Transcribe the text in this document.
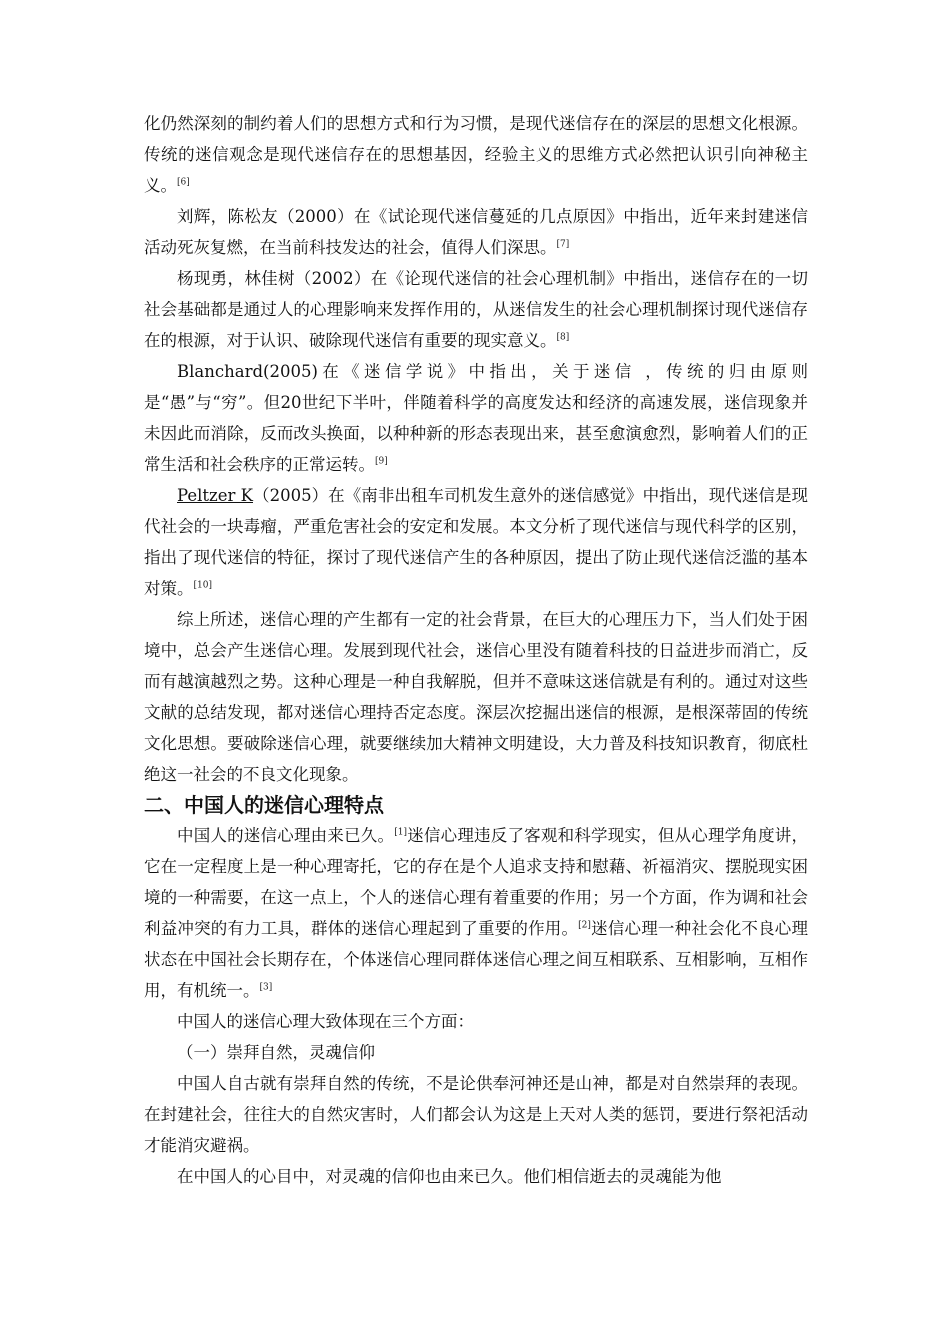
化仍然深刻的制约着人们的思想方式和行为习惯，是现代迷信存在的深层的思想文化根源。传统的迷信观念是现代迷信存在的思想基因，经验主义的思维方式必然把认识引向神秘主义。[6]

刘辉，陈松友（2000）在《试论现代迷信蔓延的几点原因》中指出，近年来封建迷信活动死灰复燃，在当前科技发达的社会，值得人们深思。[7]

杨现勇，林佳树（2002）在《论现代迷信的社会心理机制》中指出，迷信存在的一切社会基础都是通过人的心理影响来发挥作用的，从迷信发生的社会心理机制探讨现代迷信存在的根源，对于认识、破除现代迷信有重要的现实意义。[8]

Blanchard(2005)在《迷信学说》中指出，关于迷信 ，传统的归由原则是“愚”与“穷”。但20世纪下半叶，伴随着科学的高度发达和经济的高速发展，迷信现象并未因此而消除，反而改头换面，以种种新的形态表现出来，甚至愈演愈烈，影响着人们的正常生活和社会秩序的正常运转。[9]

Peltzer K（2005）在《南非出租车司机发生意外的迷信感觉》中指出，现代迷信是现代社会的一块毒瘤，严重危害社会的安定和发展。本文分析了现代迷信与现代科学的区别，指出了现代迷信的特征，探讨了现代迷信产生的各种原因，提出了防止现代迷信泛滥的基本对策。[10]

综上所述，迷信心理的产生都有一定的社会背景，在巨大的心理压力下，当人们处于困境中，总会产生迷信心理。发展到现代社会，迷信心里没有随着科技的日益进步而消亡，反而有越演越烈之势。这种心理是一种自我解脱，但并不意味这迷信就是有利的。通过对这些文献的总结发现，都对迷信心理持否定态度。深层次挖掘出迷信的根源，是根深蒂固的传统文化思想。要破除迷信心理，就要继续加大精神文明建设，大力普及科技知识教育，彻底杜绝这一社会的不良文化现象。

二、中国人的迷信心理特点

中国人的迷信心理由来已久。[1]迷信心理违反了客观和科学现实，但从心理学角度讲，它在一定程度上是一种心理寄托，它的存在是个人追求支持和慰藉、祈福消灾、摆脱现实困境的一种需要，在这一点上，个人的迷信心理有着重要的作用；另一个方面，作为调和社会利益冲突的有力工具，群体的迷信心理起到了重要的作用。[2]迷信心理一种社会化不良心理状态在中国社会长期存在，个体迷信心理同群体迷信心理之间互相联系、互相影响，互相作用，有机统一。[3]

中国人的迷信心理大致体现在三个方面：

（一）崇拜自然，灵魂信仰

中国人自古就有崇拜自然的传统，不是论供奉河神还是山神，都是对自然崇拜的表现。在封建社会，往往大的自然灾害时，人们都会认为这是上天对人类的惩罚，要进行祭祀活动才能消灾避祸。

在中国人的心目中，对灵魂的信仰也由来已久。他们相信逝去的灵魂能为他
